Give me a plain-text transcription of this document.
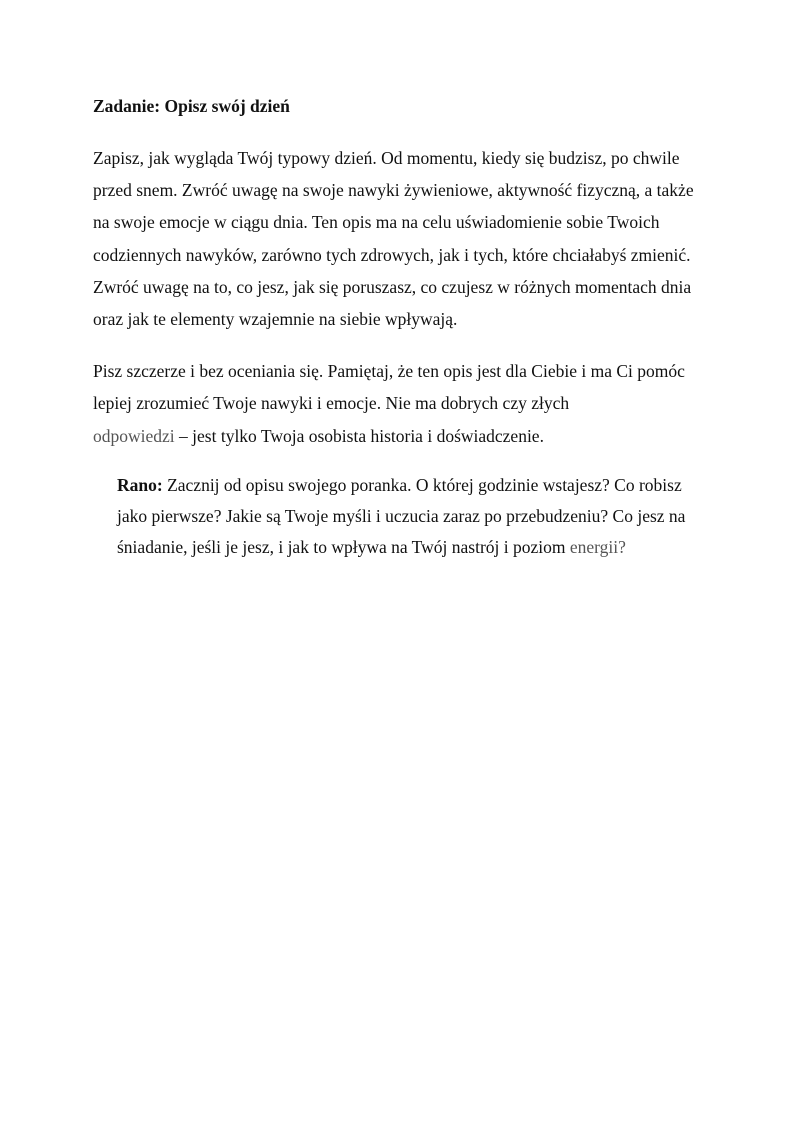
Zadanie: Opisz swój dzień

Zapisz, jak wygląda Twój typowy dzień. Od momentu, kiedy się budzisz, po chwile przed snem. Zwróć uwagę na swoje nawyki żywieniowe, aktywność fizyczną, a także na swoje emocje w ciągu dnia. Ten opis ma na celu uświadomienie sobie Twoich codziennych nawyków, zarówno tych zdrowych, jak i tych, które chciałabyś zmienić. Zwróć uwagę na to, co jesz, jak się poruszasz, co czujesz w różnych momentach dnia oraz jak te elementy wzajemnie na siebie wpływają.

Pisz szczerze i bez oceniania się. Pamiętaj, że ten opis jest dla Ciebie i ma Ci pomóc lepiej zrozumieć Twoje nawyki i emocje. Nie ma dobrych czy złych
odpowiedzi – jest tylko Twoja osobista historia i doświadczenie.

Rano: Zacznij od opisu swojego poranka. O której godzinie wstajesz? Co robisz jako pierwsze? Jakie są Twoje myśli i uczucia zaraz po przebudzeniu? Co jesz na śniadanie, jeśli je jesz, i jak to wpływa na Twój nastrój i poziom energii?
